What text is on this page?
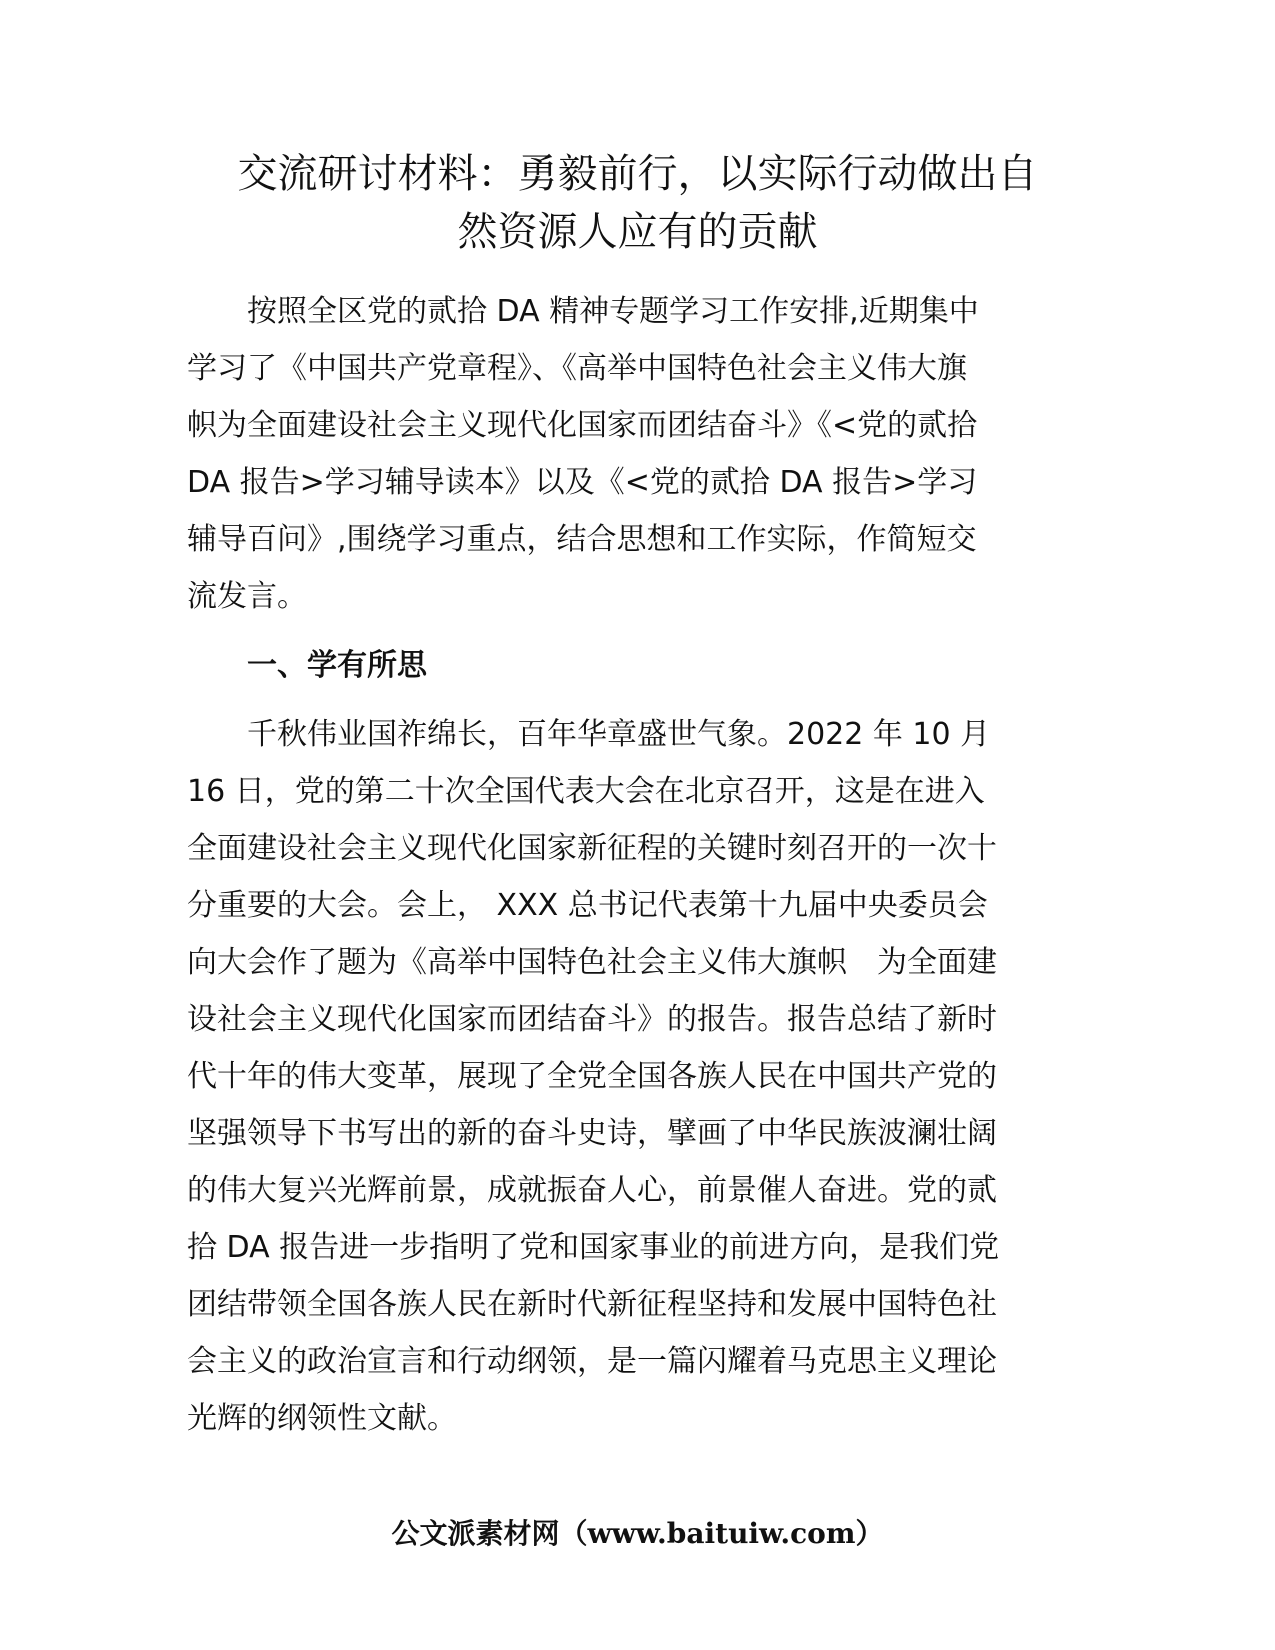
交流研讨材料：勇毅前行，以实际行动做出自
然资源人应有的贡献

按照全区党的贰拾 DA 精神专题学习工作安排,近期集中
学习了《中国共产党章程》、《高举中国特色社会主义伟大旗
帜为全面建设社会主义现代化国家而团结奋斗》《<党的贰拾
DA 报告>学习辅导读本》以及《<党的贰拾 DA 报告>学习
辅导百问》,围绕学习重点，结合思想和工作实际，作简短交
流发言。

一、学有所思

千秋伟业国祚绵长，百年华章盛世气象。2022 年 10 月
16 日，党的第二十次全国代表大会在北京召开，这是在进入
全面建设社会主义现代化国家新征程的关键时刻召开的一次十
分重要的大会。会上， XXX 总书记代表第十九届中央委员会
向大会作了题为《高举中国特色社会主义伟大旗帜　为全面建
设社会主义现代化国家而团结奋斗》的报告。报告总结了新时
代十年的伟大变革，展现了全党全国各族人民在中国共产党的
坚强领导下书写出的新的奋斗史诗，擘画了中华民族波澜壮阔
的伟大复兴光辉前景，成就振奋人心，前景催人奋进。党的贰
拾 DA 报告进一步指明了党和国家事业的前进方向，是我们党
团结带领全国各族人民在新时代新征程坚持和发展中国特色社
会主义的政治宣言和行动纲领，是一篇闪耀着马克思主义理论
光辉的纲领性文献。

公文派素材网（www.baituiw.com）
